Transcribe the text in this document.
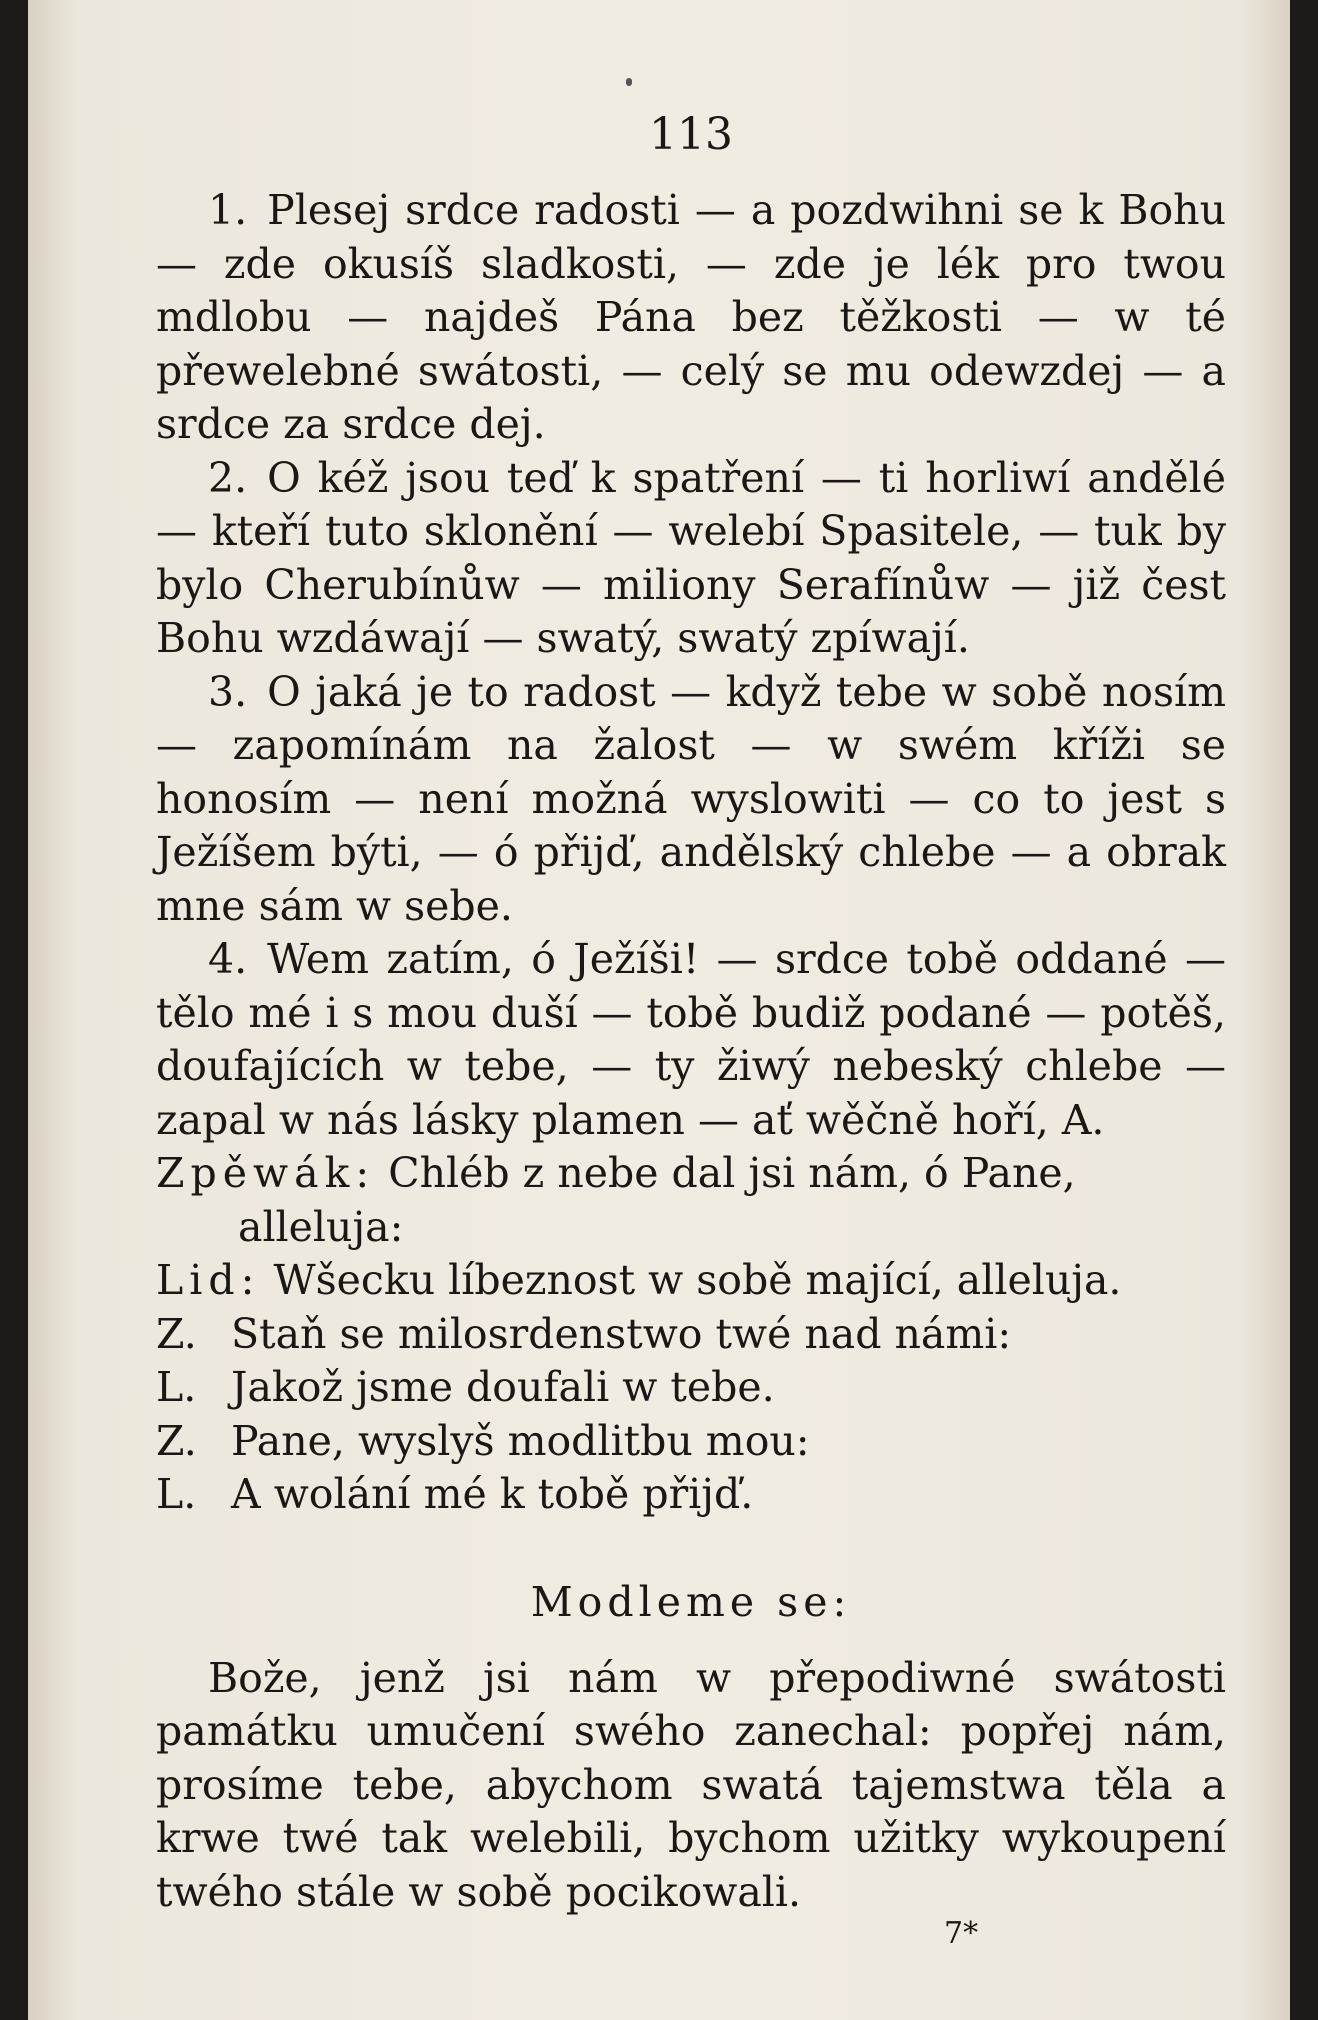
113

1. Plesej srdce radosti — a pozdwihni se k Bohu — zde okusíš sladkosti, — zde je lék pro twou mdlobu — najdeš Pána bez těžkosti — w té přewelebné swátosti, — celý se mu odewzdej — a srdce za srdce dej.

2. O kéž jsou teď k spatření — ti horliwí andělé — kteří tuto sklonění — welebí Spasitele, — tuk by bylo Cherubínůw — miliony Serafínůw — již čest Bohu wzdáwají — swatý, swatý zpíwají.

3. O jaká je to radost — když tebe w sobě nosím — zapomínám na žalost — w swém kříži se honosím — není možná wyslowiti — co to jest s Ježíšem býti, — ó přijď, andělský chlebe — a obrak mne sám w sebe.

4. Wem zatím, ó Ježíši! — srdce tobě oddané — tělo mé i s mou duší — tobě budiž podané — potěš, doufajících w tebe, — ty žiwý nebeský chlebe — zapal w nás lásky plamen — ať wěčně hoří, A.

Zpěwák: Chléb z nebe dal jsi nám, ó Pane,

alleluja:

Lid: Wšecku líbeznost w sobě mající, alleluja.

Z. Staň se milosrdenstwo twé nad námi:

L. Jakož jsme doufali w tebe.

Z. Pane, wyslyš modlitbu mou:

L. A wolání mé k tobě přijď.

Modleme se:

Bože, jenž jsi nám w přepodiwné swátosti památku umučení swého zanechal: popřej nám, prosíme tebe, abychom swatá tajemstwa těla a krwe twé tak welebili, bychom užitky wykoupení twého stále w sobě pocikowali.

7*
